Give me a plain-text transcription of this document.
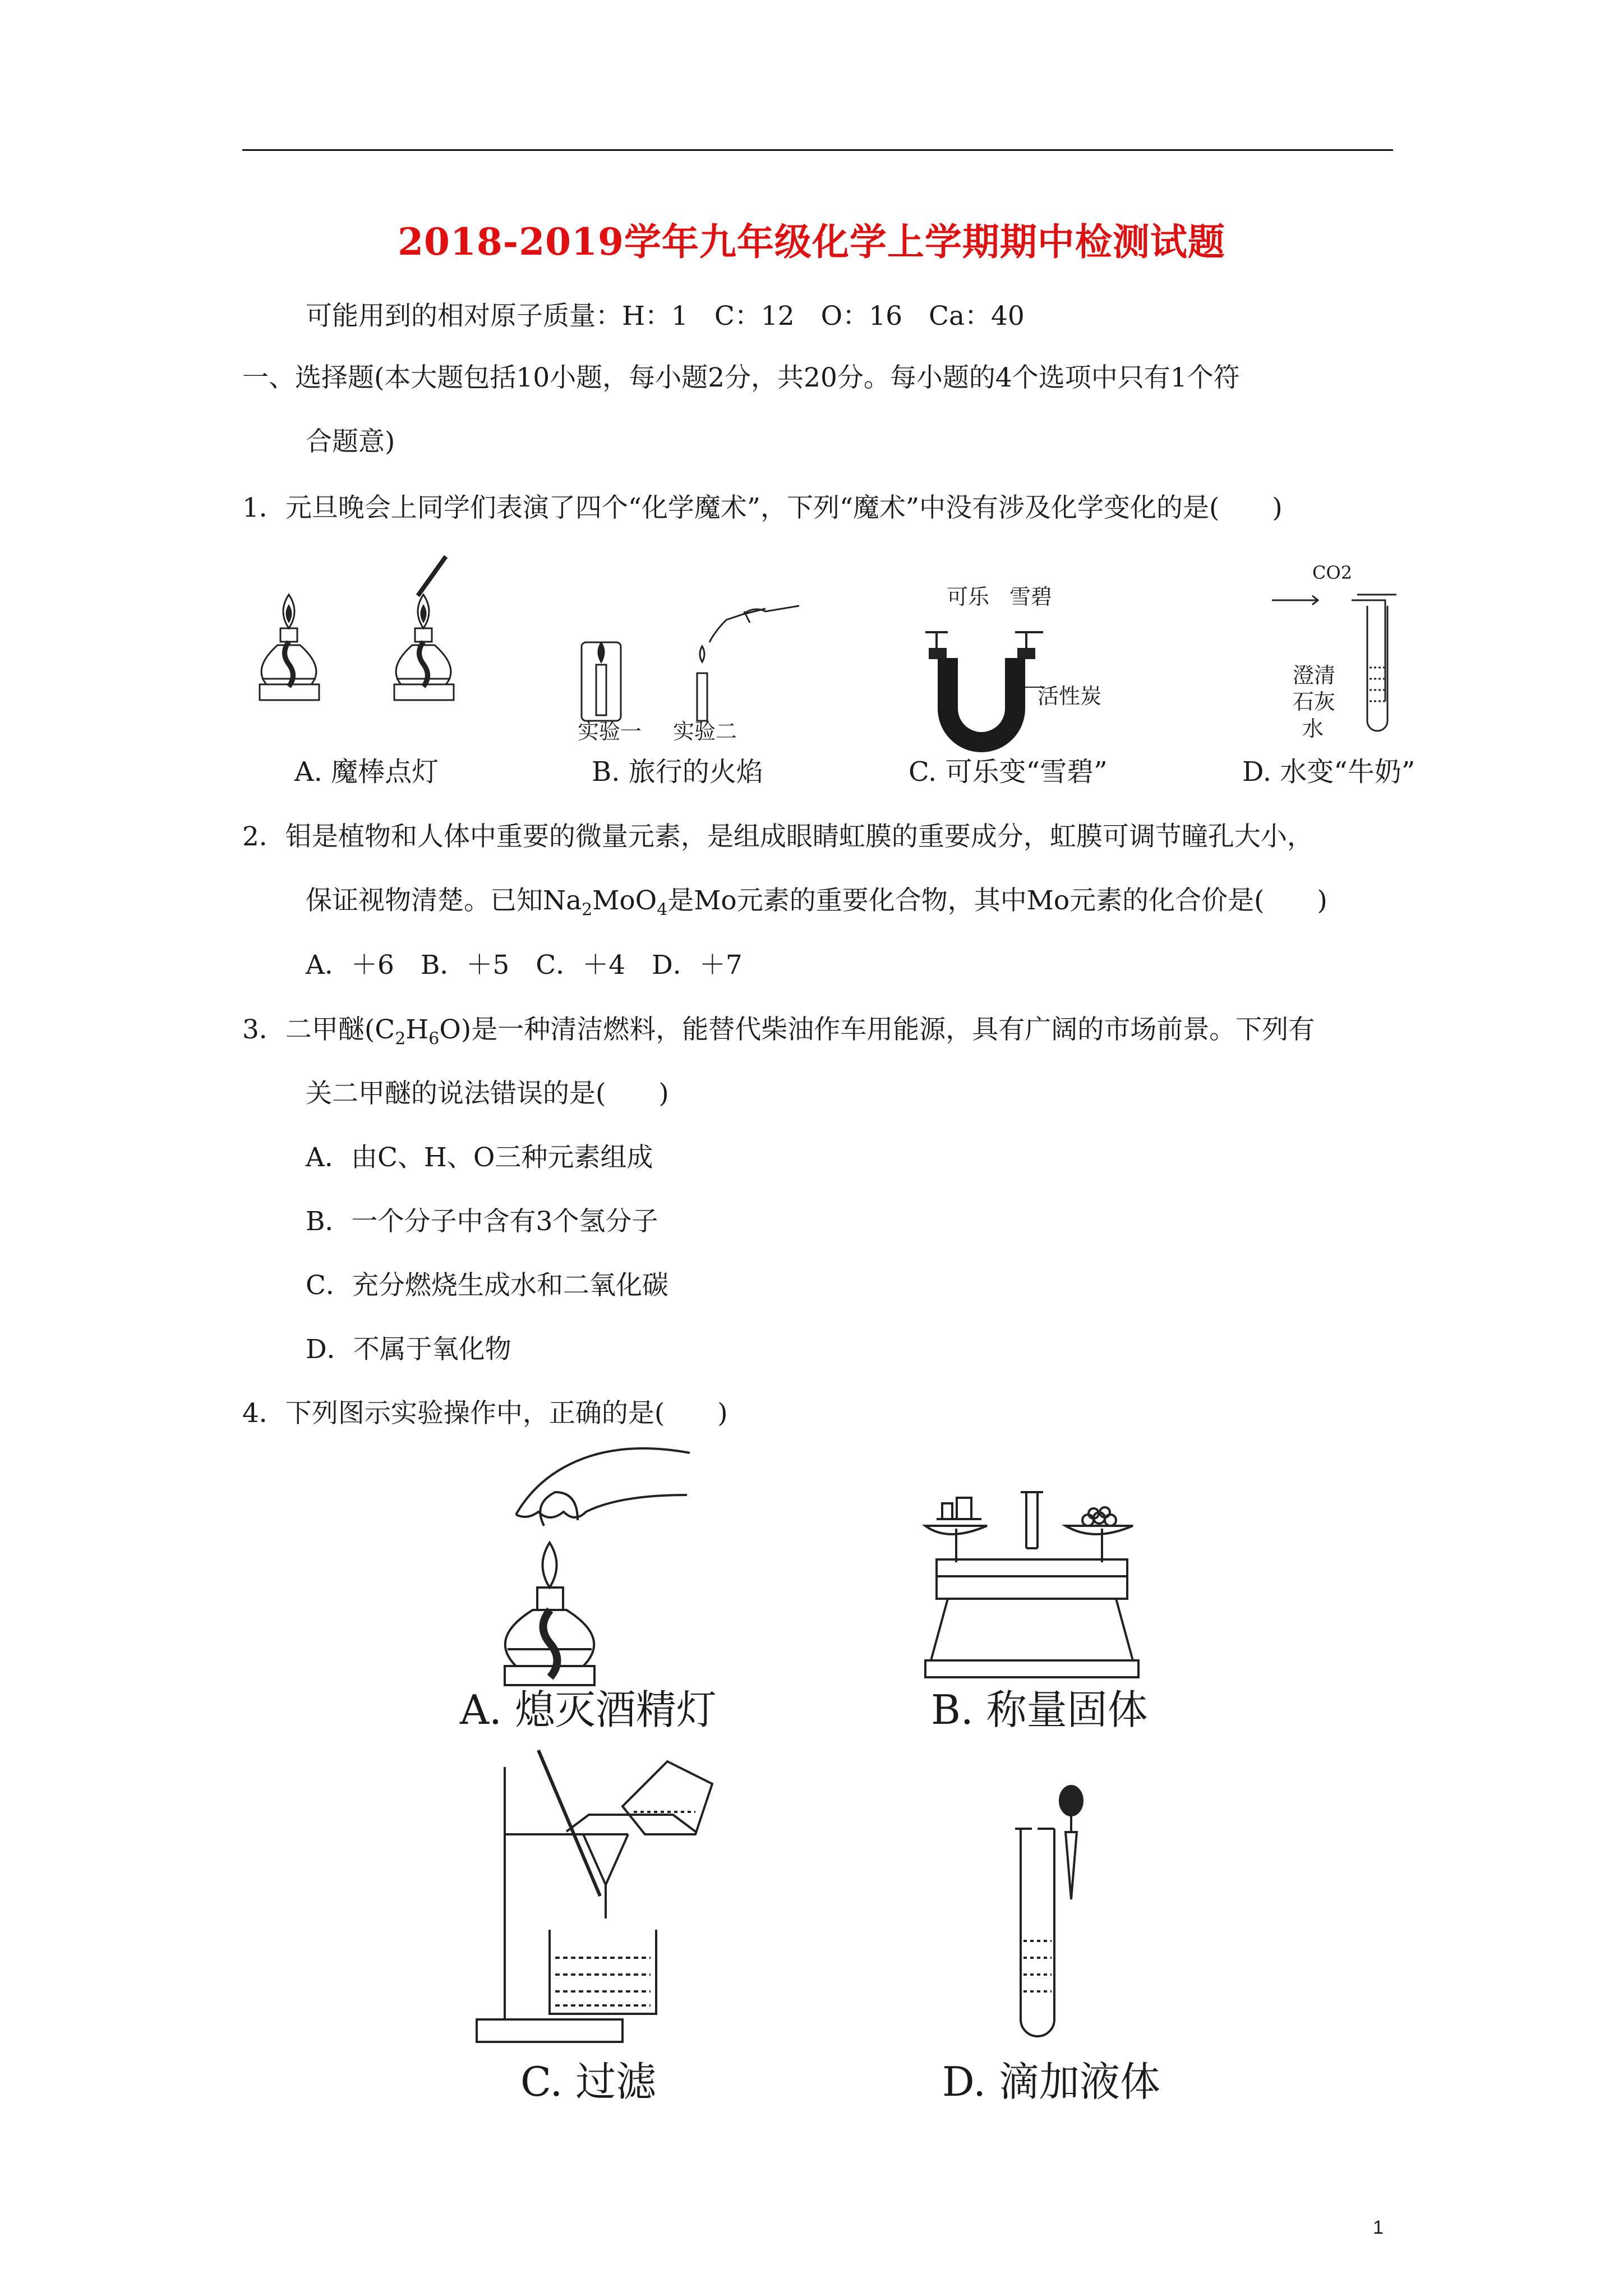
2018-2019学年九年级化学上学期期中检测试题
可能用到的相对原子质量：H：1　C：12　O：16　Ca：40
一、选择题(本大题包括10小题，每小题2分，共20分。每小题的4个选项中只有1个符
合题意)
1．元旦晚会上同学们表演了四个“化学魔术”，下列“魔术”中没有涉及化学变化的是(　　)
实验一 实验二
可乐 雪碧
活性炭
CO2
澄清
石灰
水
A. 魔棒点灯	B. 旅行的火焰	C. 可乐变“雪碧”	D. 水变“牛奶”
2．钼是植物和人体中重要的微量元素，是组成眼睛虹膜的重要成分，虹膜可调节瞳孔大小，
保证视物清楚。已知$Na_2MoO_4$是Mo元素的重要化合物，其中Mo元素的化合价是(　　)
A．＋6　B．＋5　C．＋4　D．＋7
3．二甲醚$(C_2H_6O)$是一种清洁燃料，能替代柴油作车用能源，具有广阔的市场前景。下列有
关二甲醚的说法错误的是(　　)
A．由C、H、O三种元素组成
B．一个分子中含有3个氢分子
C．充分燃烧生成水和二氧化碳
D．不属于氧化物
4．下列图示实验操作中，正确的是(　　)
A. 熄灭酒精灯	B. 称量固体
C. 过滤	D. 滴加液体
1
